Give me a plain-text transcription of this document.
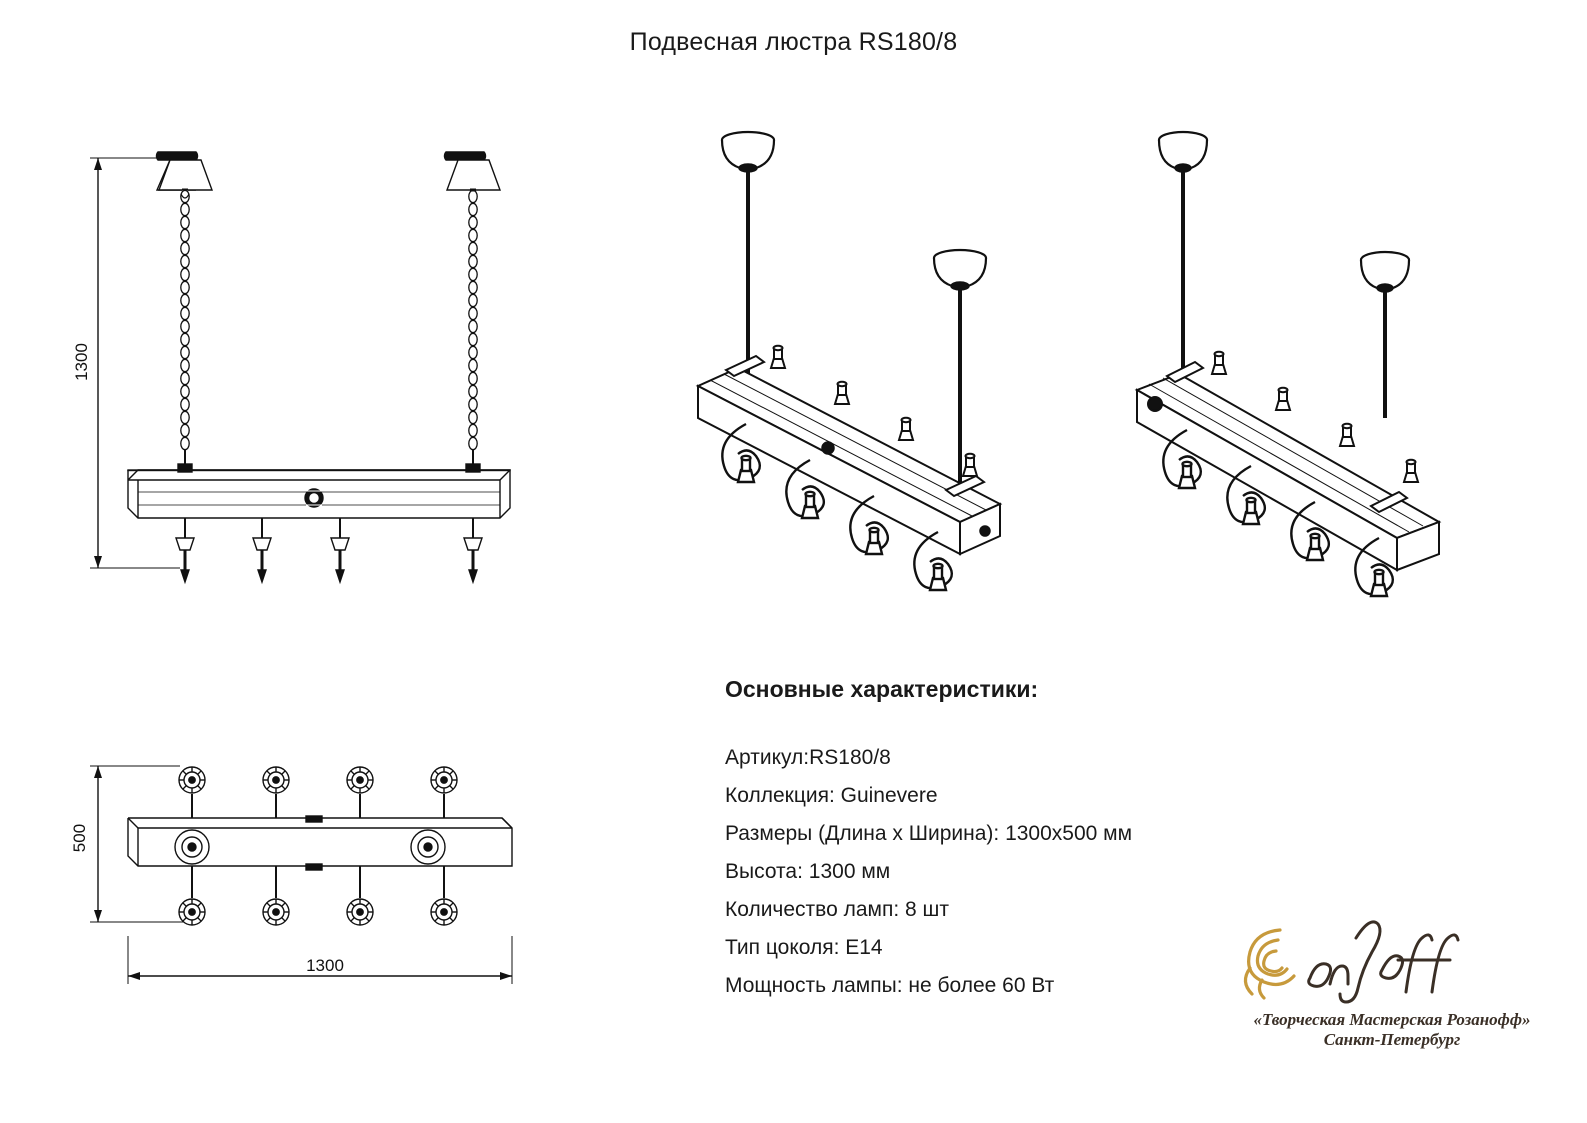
Подвесная люстра RS180/8
1300
500
1300
Основные характеристики:
Артикул:RS180/8
Коллекция: Guinevere
Размеры (Длина х Ширина): 1300х500 мм
Высота: 1300 мм
Количество ламп: 8 шт
Тип цоколя: E14
Мощность лампы: не более 60 Вт
«Творческая Мастерская Розанофф»
Санкт-Петербург
